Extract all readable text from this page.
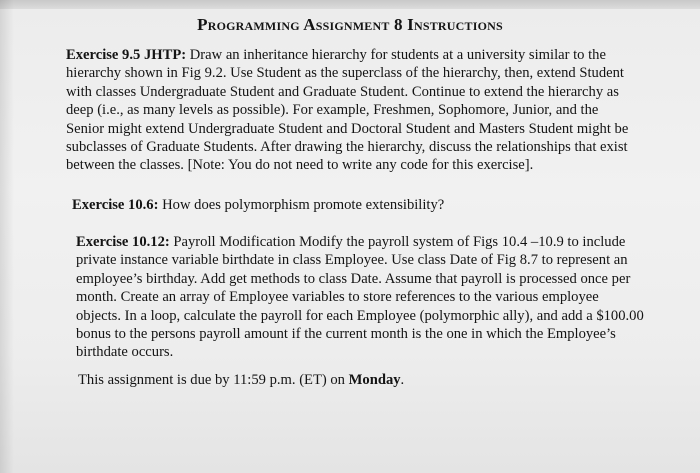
Programming Assignment 8 Instructions
Exercise 9.5 JHTP: Draw an inheritance hierarchy for students at a university similar to the
hierarchy shown in Fig 9.2. Use Student as the superclass of the hierarchy, then, extend Student
with classes Undergraduate Student and Graduate Student. Continue to extend the hierarchy as
deep (i.e., as many levels as possible). For example, Freshmen, Sophomore, Junior, and the
Senior might extend Undergraduate Student and Doctoral Student and Masters Student might be
subclasses of Graduate Students. After drawing the hierarchy, discuss the relationships that exist
between the classes. [Note: You do not need to write any code for this exercise].
Exercise 10.6: How does polymorphism promote extensibility?
Exercise 10.12: Payroll Modification Modify the payroll system of Figs 10.4 –10.9 to include
private instance variable birthdate in class Employee. Use class Date of Fig 8.7 to represent an
employee’s birthday. Add get methods to class Date. Assume that payroll is processed once per
month. Create an array of Employee variables to store references to the various employee
objects. In a loop, calculate the payroll for each Employee (polymorphic ally), and add a $100.00
bonus to the persons payroll amount if the current month is the one in which the Employee’s
birthdate occurs.
This assignment is due by 11:59 p.m. (ET) on Monday.
